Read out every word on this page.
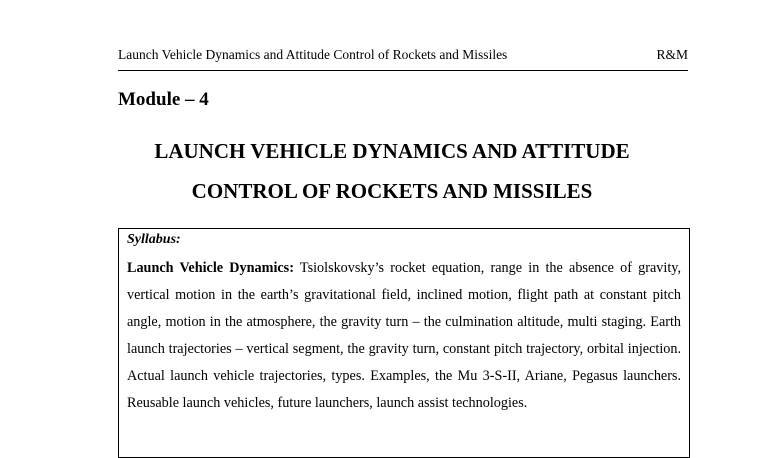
Launch Vehicle Dynamics and Attitude Control of Rockets and Missiles	R&M
Module – 4
LAUNCH VEHICLE DYNAMICS AND ATTITUDE
CONTROL OF ROCKETS AND MISSILES
Syllabus:
Launch Vehicle Dynamics: Tsiolskovsky’s rocket equation, range in the absence of gravity, vertical motion in the earth’s gravitational field, inclined motion, flight path at constant pitch angle, motion in the atmosphere, the gravity turn – the culmination altitude, multi staging. Earth launch trajectories – vertical segment, the gravity turn, constant pitch trajectory, orbital injection. Actual launch vehicle trajectories, types. Examples, the Mu 3-S-II, Ariane, Pegasus launchers. Reusable launch vehicles, future launchers, launch assist technologies.
